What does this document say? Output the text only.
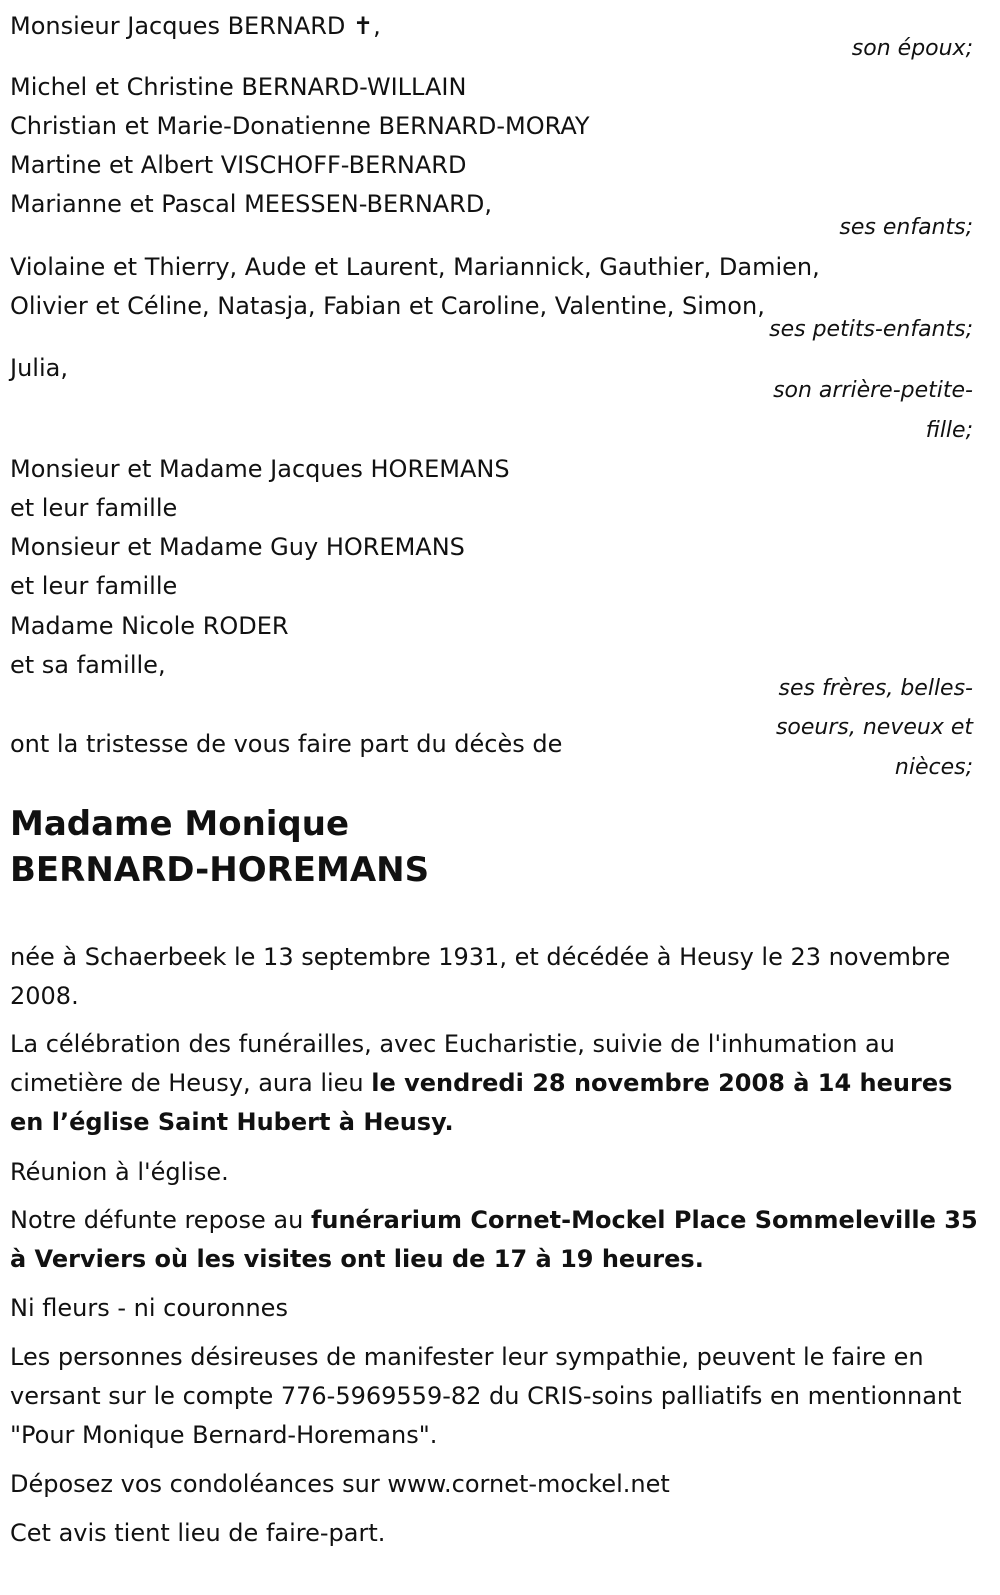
Monsieur Jacques BERNARD ✝,

son époux;

Michel et Christine BERNARD-WILLAIN

Christian et Marie-Donatienne BERNARD-MORAY

Martine et Albert VISCHOFF-BERNARD

Marianne et Pascal MEESSEN-BERNARD,

ses enfants;

Violaine et Thierry, Aude et Laurent, Mariannick, Gauthier, Damien,

Olivier et Céline, Natasja, Fabian et Caroline, Valentine, Simon,

ses petits-enfants;

Julia,

son arrière-petite-

fille;

Monsieur et Madame Jacques HOREMANS

et leur famille

Monsieur et Madame Guy HOREMANS

et leur famille

Madame Nicole RODER

et sa famille,

ses frères, belles-

soeurs, neveux et

nièces;

ont la tristesse de vous faire part du décès de

Madame Monique
BERNARD-HOREMANS

née à Schaerbeek le 13 septembre 1931, et décédée à Heusy le 23 novembre 2008.

La célébration des funérailles, avec Eucharistie, suivie de l'inhumation au cimetière de Heusy, aura lieu le vendredi 28 novembre 2008 à 14 heures en l’église Saint Hubert à Heusy.

Réunion à l'église.

Notre défunte repose au funérarium Cornet-Mockel Place Sommeleville 35 à Verviers où les visites ont lieu de 17 à 19 heures.

Ni fleurs - ni couronnes

Les personnes désireuses de manifester leur sympathie, peuvent le faire en versant sur le compte 776-5969559-82 du CRIS-soins palliatifs en mentionnant "Pour Monique Bernard-Horemans".

Déposez vos condoléances sur www.cornet-mockel.net

Cet avis tient lieu de faire-part.
